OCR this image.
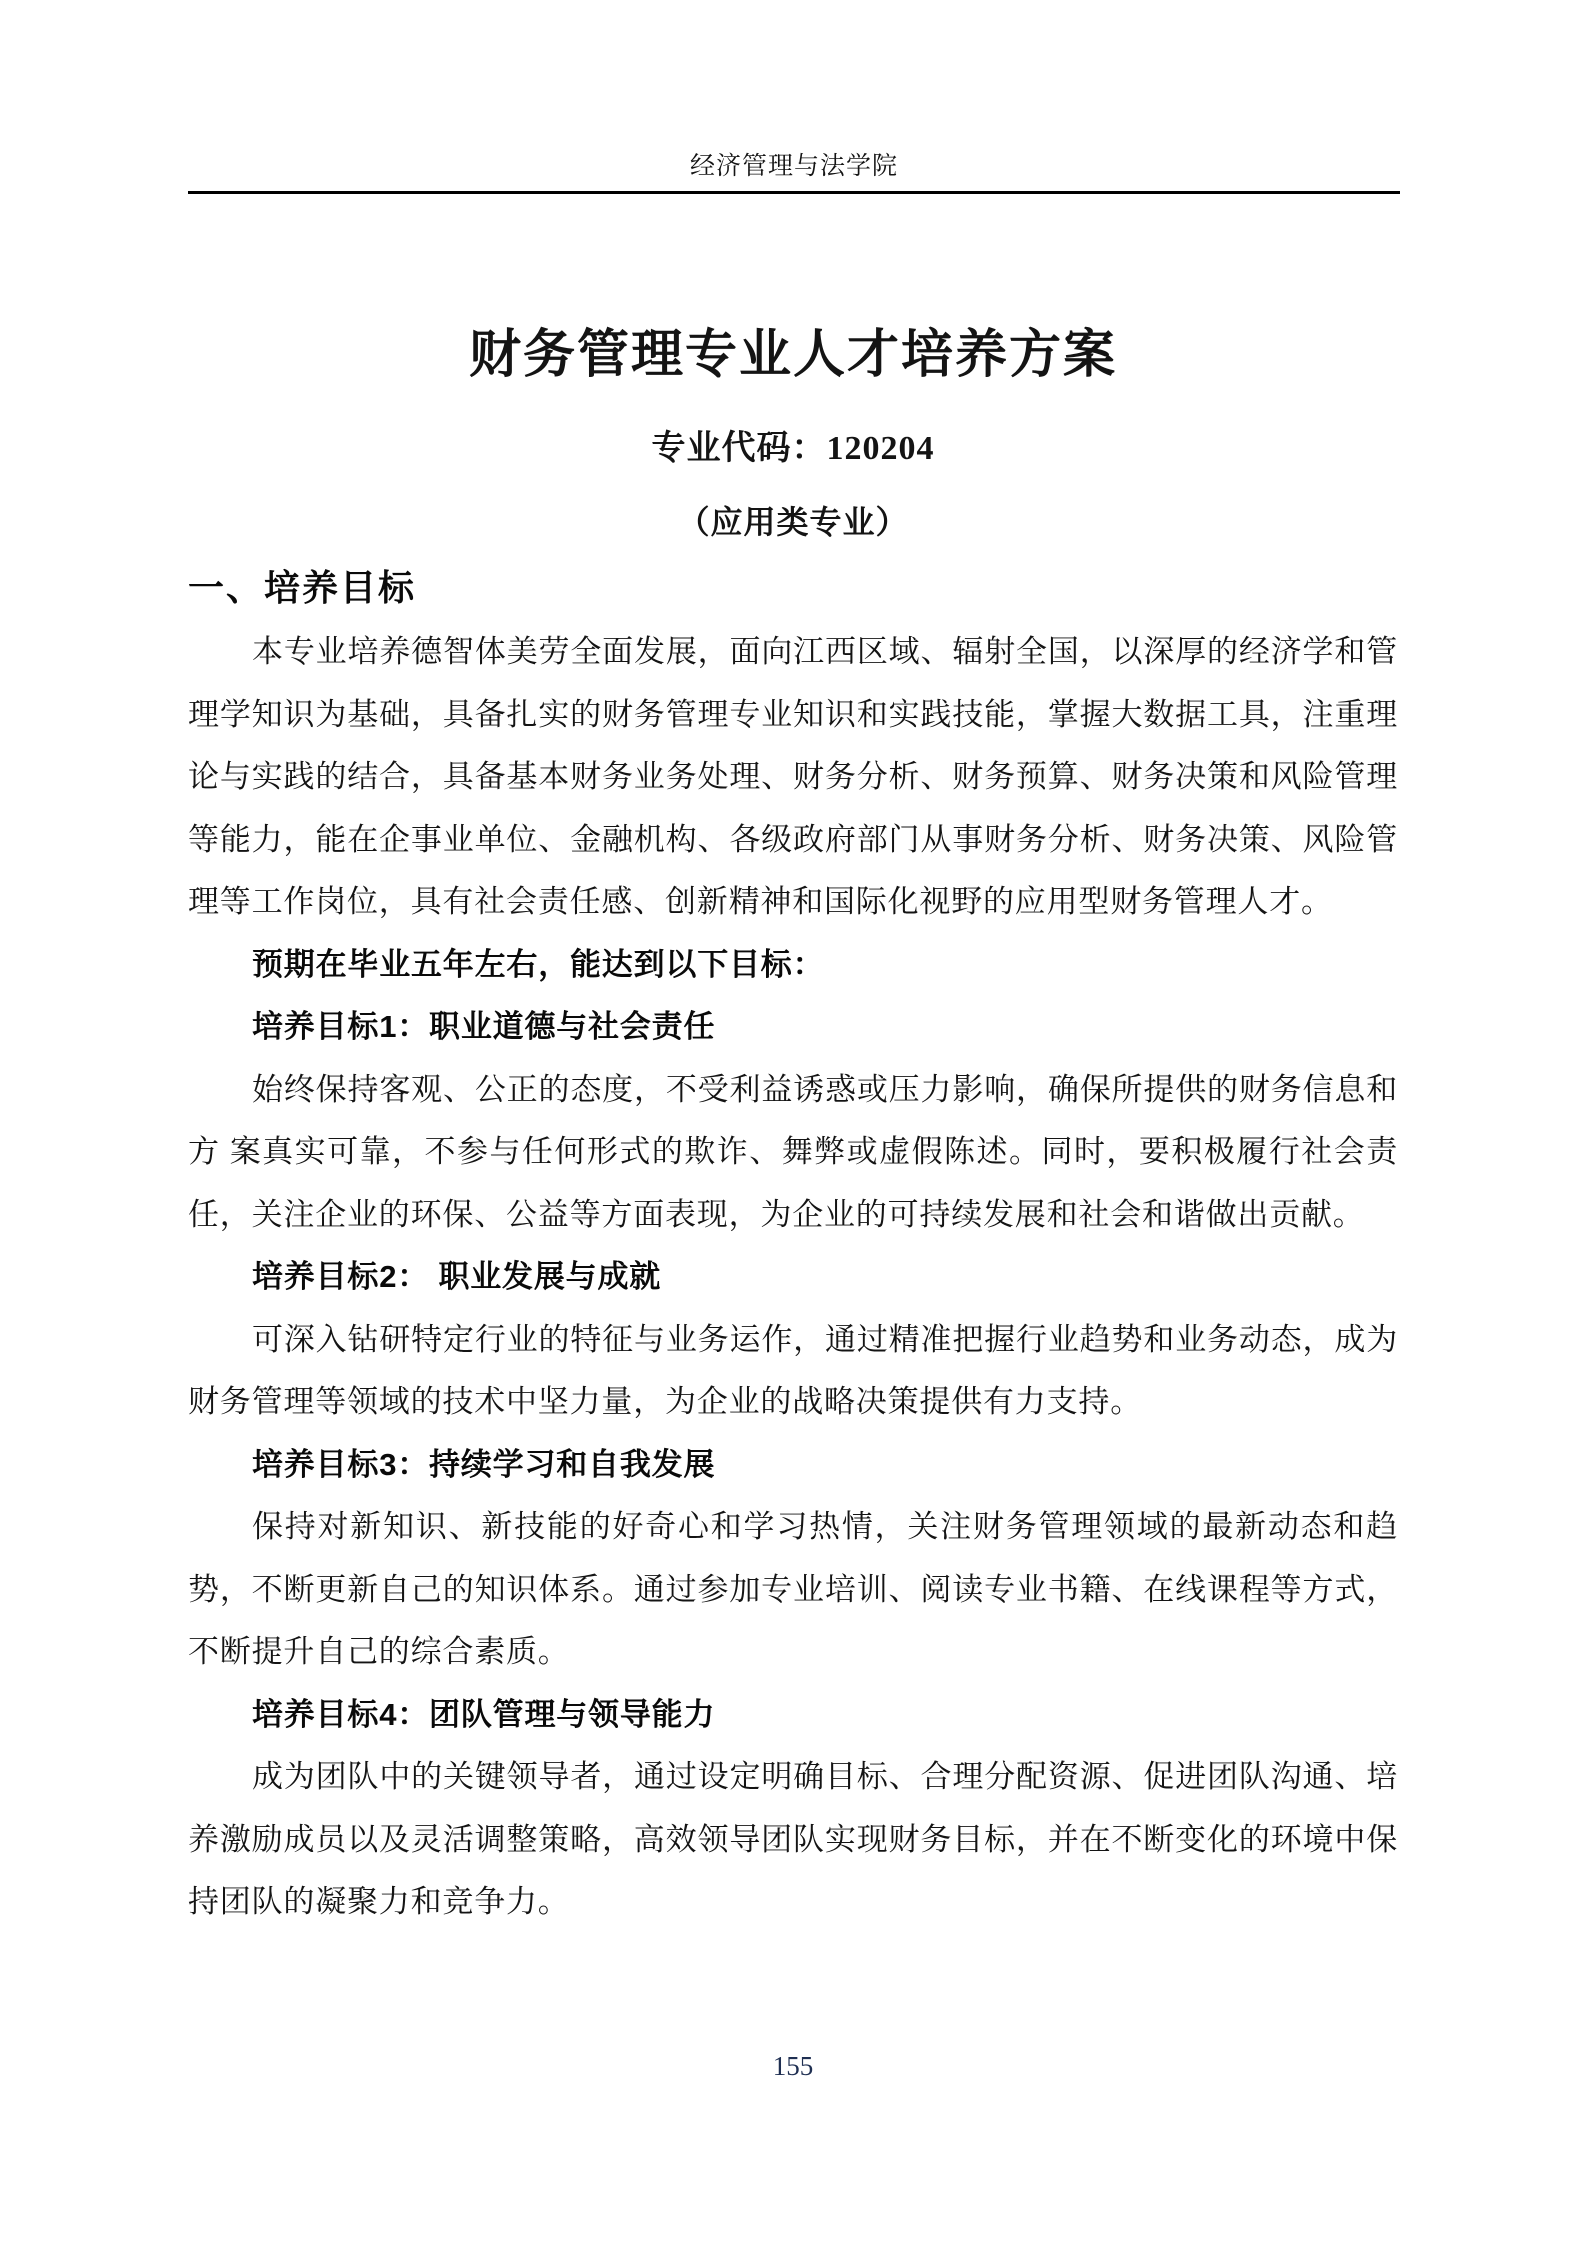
经济管理与法学院
财务管理专业人才培养方案
专业代码：120204
（应用类专业）
一、培养目标

本专业培养德智体美劳全面发展，面向江西区域、辐射全国，以深厚的经济学和管理学知识为基础，具备扎实的财务管理专业知识和实践技能，掌握大数据工具，注重理论与实践的结合，具备基本财务业务处理、财务分析、财务预算、财务决策和风险管理等能力，能在企事业单位、金融机构、各级政府部门从事财务分析、财务决策、风险管理等工作岗位，具有社会责任感、创新精神和国际化视野的应用型财务管理人才。

预期在毕业五年左右，能达到以下目标：

培养目标1：职业道德与社会责任

始终保持客观、公正的态度，不受利益诱惑或压力影响，确保所提供的财务信息和方 案真实可靠，不参与任何形式的欺诈、舞弊或虚假陈述。同时，要积极履行社会责任，关注企业的环保、公益等方面表现，为企业的可持续发展和社会和谐做出贡献。

培养目标2： 职业发展与成就

可深入钻研特定行业的特征与业务运作，通过精准把握行业趋势和业务动态，成为财务管理等领域的技术中坚力量，为企业的战略决策提供有力支持。

培养目标3：持续学习和自我发展

保持对新知识、新技能的好奇心和学习热情，关注财务管理领域的最新动态和趋势，不断更新自己的知识体系。通过参加专业培训、阅读专业书籍、在线课程等方式，不断提升自己的综合素质。

培养目标4：团队管理与领导能力

成为团队中的关键领导者，通过设定明确目标、合理分配资源、促进团队沟通、培养激励成员以及灵活调整策略，高效领导团队实现财务目标，并在不断变化的环境中保持团队的凝聚力和竞争力。

155
